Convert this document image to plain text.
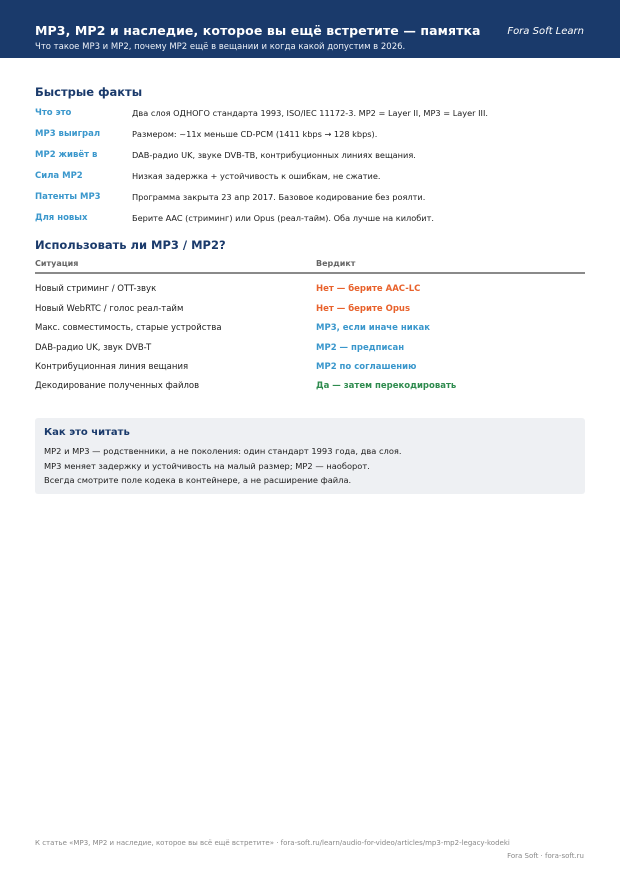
MP3, MP2 и наследие, которое вы ещё встретите — памятка	Fora Soft Learn
Что такое MP3 и MP2, почему MP2 ещё в вещании и когда какой допустим в 2026.
Быстрые факты
Что это	Два слоя ОДНОГО стандарта 1993, ISO/IEC 11172-3. MP2 = Layer II, MP3 = Layer III.
MP3 выиграл	Размером: ~11x меньше CD-PCM (1411 kbps → 128 kbps).
MP2 живёт в	DAB-радио UK, звуке DVB-ТВ, контрибуционных линиях вещания.
Сила MP2	Низкая задержка + устойчивость к ошибкам, не сжатие.
Патенты MP3	Программа закрыта 23 апр 2017. Базовое кодирование без роялти.
Для новых	Берите AAC (стриминг) или Opus (реал-тайм). Оба лучше на килобит.
Использовать ли MP3 / MP2?
Ситуация	Вердикт
Новый стриминг / OTT-звук	Нет — берите AAC-LC
Новый WebRTC / голос реал-тайм	Нет — берите Opus
Макс. совместимость, старые устройства	MP3, если иначе никак
DAB-радио UK, звук DVB-T	MP2 — предписан
Контрибуционная линия вещания	MP2 по соглашению
Декодирование полученных файлов	Да — затем перекодировать
Как это читать
MP2 и MP3 — родственники, а не поколения: один стандарт 1993 года, два слоя.
MP3 меняет задержку и устойчивость на малый размер; MP2 — наоборот.
Всегда смотрите поле кодека в контейнере, а не расширение файла.
К статье «MP3, MP2 и наследие, которое вы всё ещё встретите» · fora-soft.ru/learn/audio-for-video/articles/mp3-mp2-legacy-kodeki
Fora Soft · fora-soft.ru
